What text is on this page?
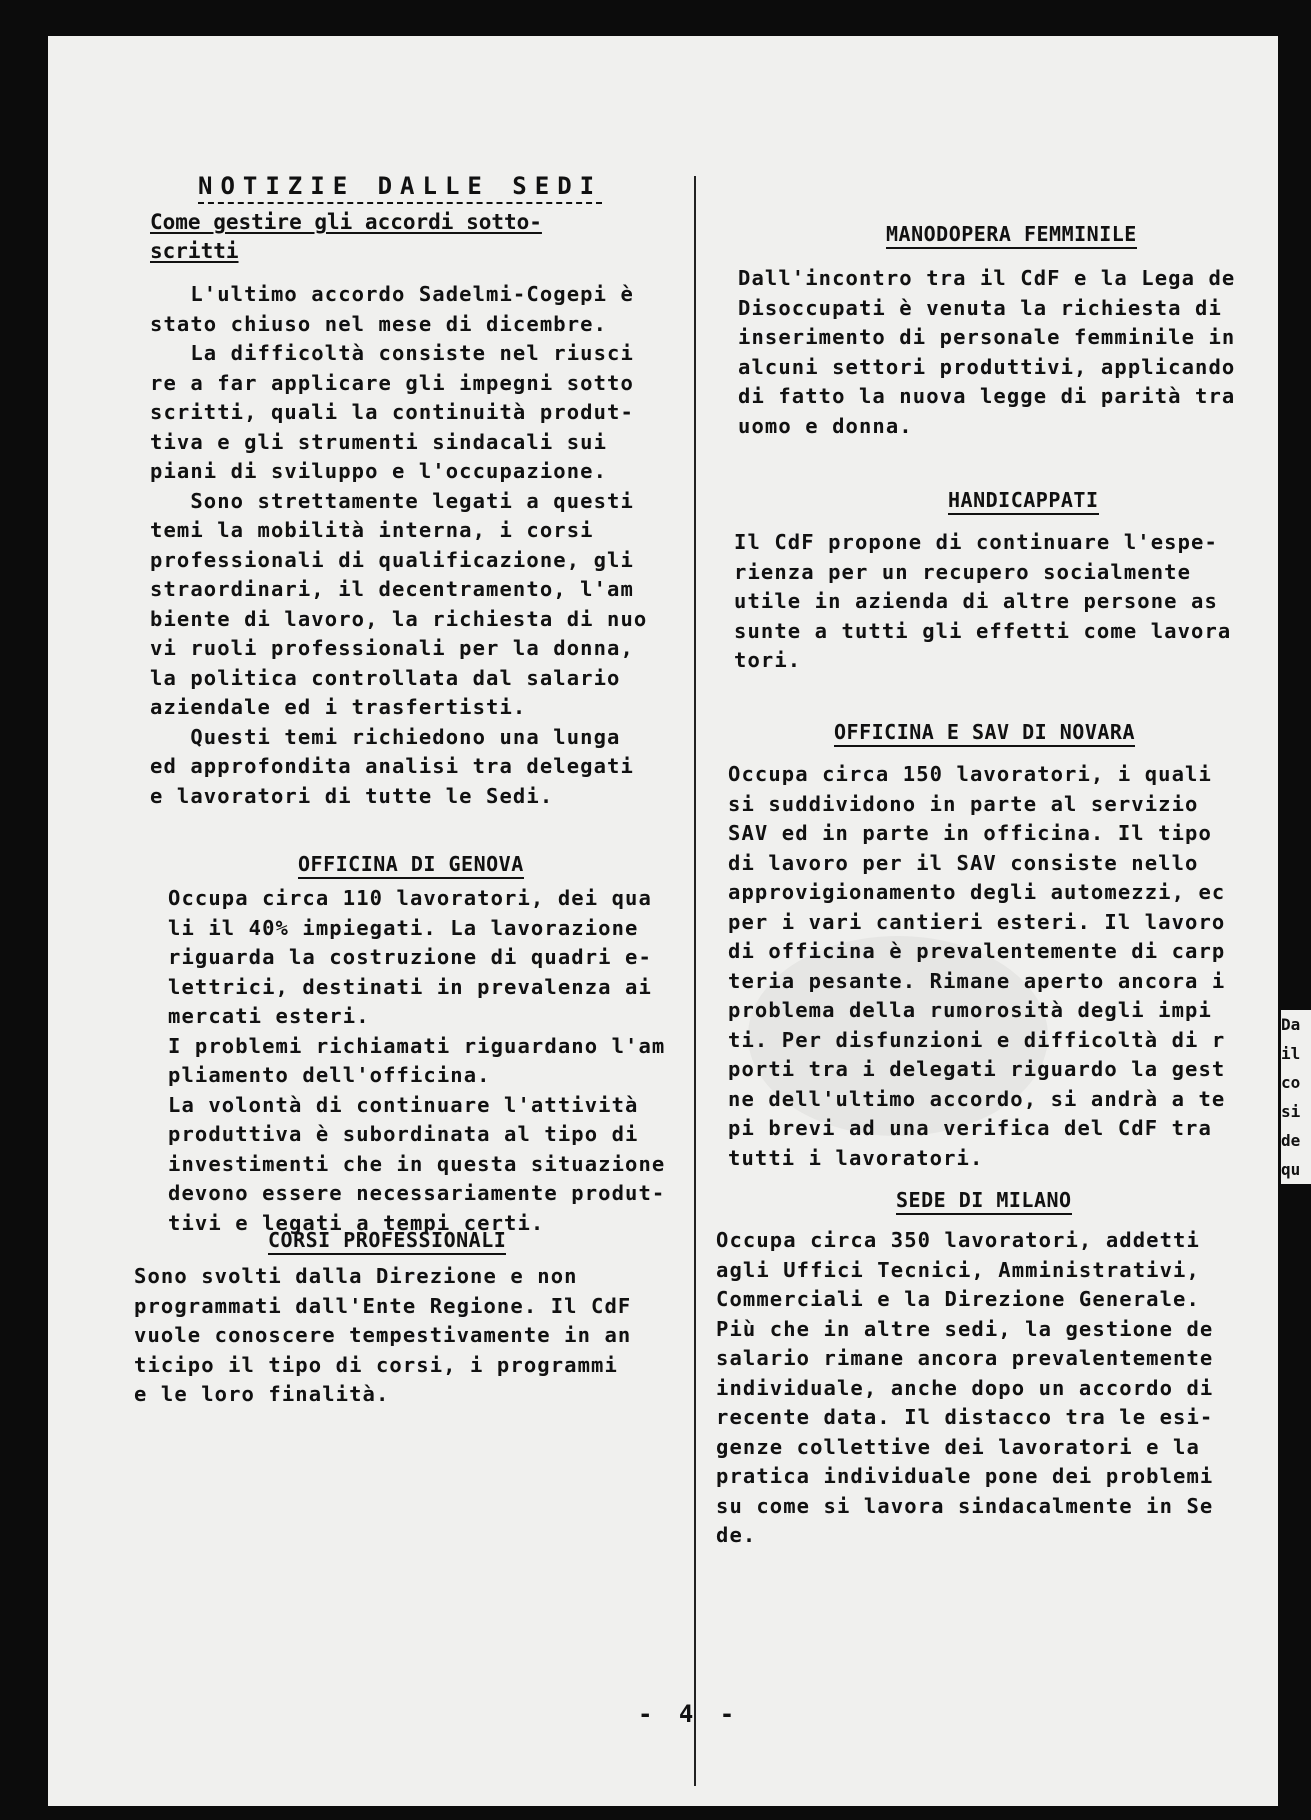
NOTIZIE DALLE SEDI
Come gestire gli accordi sotto-
scritti
L'ultimo accordo Sadelmi-Cogepi è
stato chiuso nel mese di dicembre.
La difficoltà consiste nel riusci
re a far applicare gli impegni sotto
scritti, quali la continuità produt-
tiva e gli strumenti sindacali sui
piani di sviluppo e l'occupazione.
Sono strettamente legati a questi
temi la mobilità interna, i corsi
professionali di qualificazione, gli
straordinari, il decentramento, l'am
biente di lavoro, la richiesta di nuo
vi ruoli professionali per la donna,
la politica controllata dal salario
aziendale ed i trasfertisti.
Questi temi richiedono una lunga
ed approfondita analisi tra delegati
e lavoratori di tutte le Sedi.
OFFICINA DI GENOVA
Occupa circa 110 lavoratori, dei qua
li il 40% impiegati. La lavorazione
riguarda la costruzione di quadri e-
lettrici, destinati in prevalenza ai
mercati esteri.
I problemi richiamati riguardano l'am
pliamento dell'officina.
La volontà di continuare l'attività
produttiva è subordinata al tipo di
investimenti che in questa situazione
devono essere necessariamente produt-
tivi e legati a tempi certi.
CORSI PROFESSIONALI
Sono svolti dalla Direzione e non
programmati dall'Ente Regione. Il CdF
vuole conoscere tempestivamente in an
ticipo il tipo di corsi, i programmi
e le loro finalità.
MANODOPERA FEMMINILE
Dall'incontro tra il CdF e la Lega de
Disoccupati è venuta la richiesta di
inserimento di personale femminile in
alcuni settori produttivi, applicando
di fatto la nuova legge di parità tra
uomo e donna.
HANDICAPPATI
Il CdF propone di continuare l'espe-
rienza per un recupero socialmente
utile in azienda di altre persone as
sunte a tutti gli effetti come lavora
tori.
OFFICINA E SAV DI NOVARA
Occupa circa 150 lavoratori, i quali
si suddividono in parte al servizio
SAV ed in parte in officina. Il tipo
di lavoro per il SAV consiste nello
approvigionamento degli automezzi, ec
per i vari cantieri esteri. Il lavoro
di officina è prevalentemente di carp
teria pesante. Rimane aperto ancora i
problema della rumorosità degli impi
ti. Per disfunzioni e difficoltà di r
porti tra i delegati riguardo la gest
ne dell'ultimo accordo, si andrà a te
pi brevi ad una verifica del CdF tra
tutti i lavoratori.
SEDE DI MILANO
Occupa circa 350 lavoratori, addetti
agli Uffici Tecnici, Amministrativi,
Commerciali e la Direzione Generale.
Più che in altre sedi, la gestione de
salario rimane ancora prevalentemente
individuale, anche dopo un accordo di
recente data. Il distacco tra le esi-
genze collettive dei lavoratori e la
pratica individuale pone dei problemi
su come si lavora sindacalmente in Se
de.
- 4 -
Da
il
co
si
de
qu
